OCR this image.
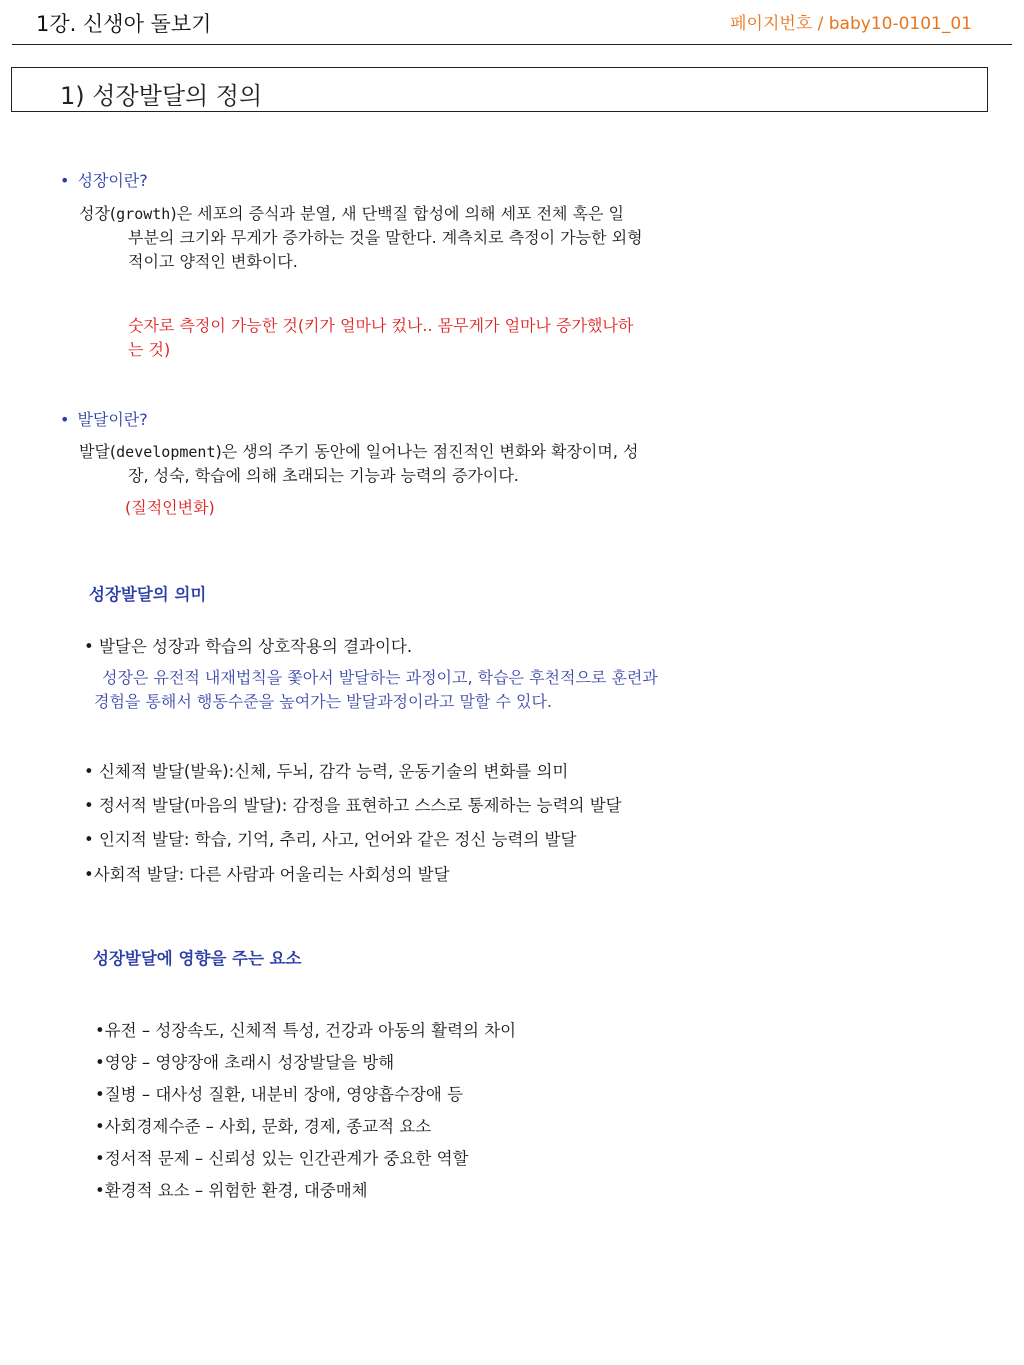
1강. 신생아 돌보기	페이지번호 / baby10-0101_01
1) 성장발달의 정의
• 성장이란?
성장(growth)은 세포의 증식과 분열, 새 단백질 합성에 의해 세포 전체 혹은 일
부분의 크기와 무게가 증가하는 것을 말한다. 계측치로 측정이 가능한 외형
적이고 양적인 변화이다.
숫자로 측정이 가능한 것(키가 얼마나 컸나.. 몸무게가 얼마나 증가했나하
는 것)
• 발달이란?
발달(development)은 생의 주기 동안에 일어나는 점진적인 변화와 확장이며, 성
장, 성숙, 학습에 의해 초래되는 기능과 능력의 증가이다.
(질적인변화)
성장발달의 의미
• 발달은 성장과 학습의 상호작용의 결과이다.
성장은 유전적 내재법칙을 쫓아서 발달하는 과정이고, 학습은 후천적으로 훈련과
경험을 통해서 행동수준을 높여가는 발달과정이라고 말할 수 있다.
• 신체적 발달(발육):신체, 두뇌, 감각 능력, 운동기술의 변화를 의미
• 정서적 발달(마음의 발달): 감정을 표현하고 스스로 통제하는 능력의 발달
• 인지적 발달: 학습, 기억, 추리, 사고, 언어와 같은 정신 능력의 발달
•사회적 발달: 다른 사람과 어울리는 사회성의 발달
성장발달에 영향을 주는 요소
•유전 – 성장속도, 신체적 특성, 건강과 아동의 활력의 차이
•영양 – 영양장애 초래시 성장발달을 방해
•질병 – 대사성 질환, 내분비 장애, 영양흡수장애 등
•사회경제수준 – 사회, 문화, 경제, 종교적 요소
•정서적 문제 – 신뢰성 있는 인간관계가 중요한 역할
•환경적 요소 – 위험한 환경, 대중매체
